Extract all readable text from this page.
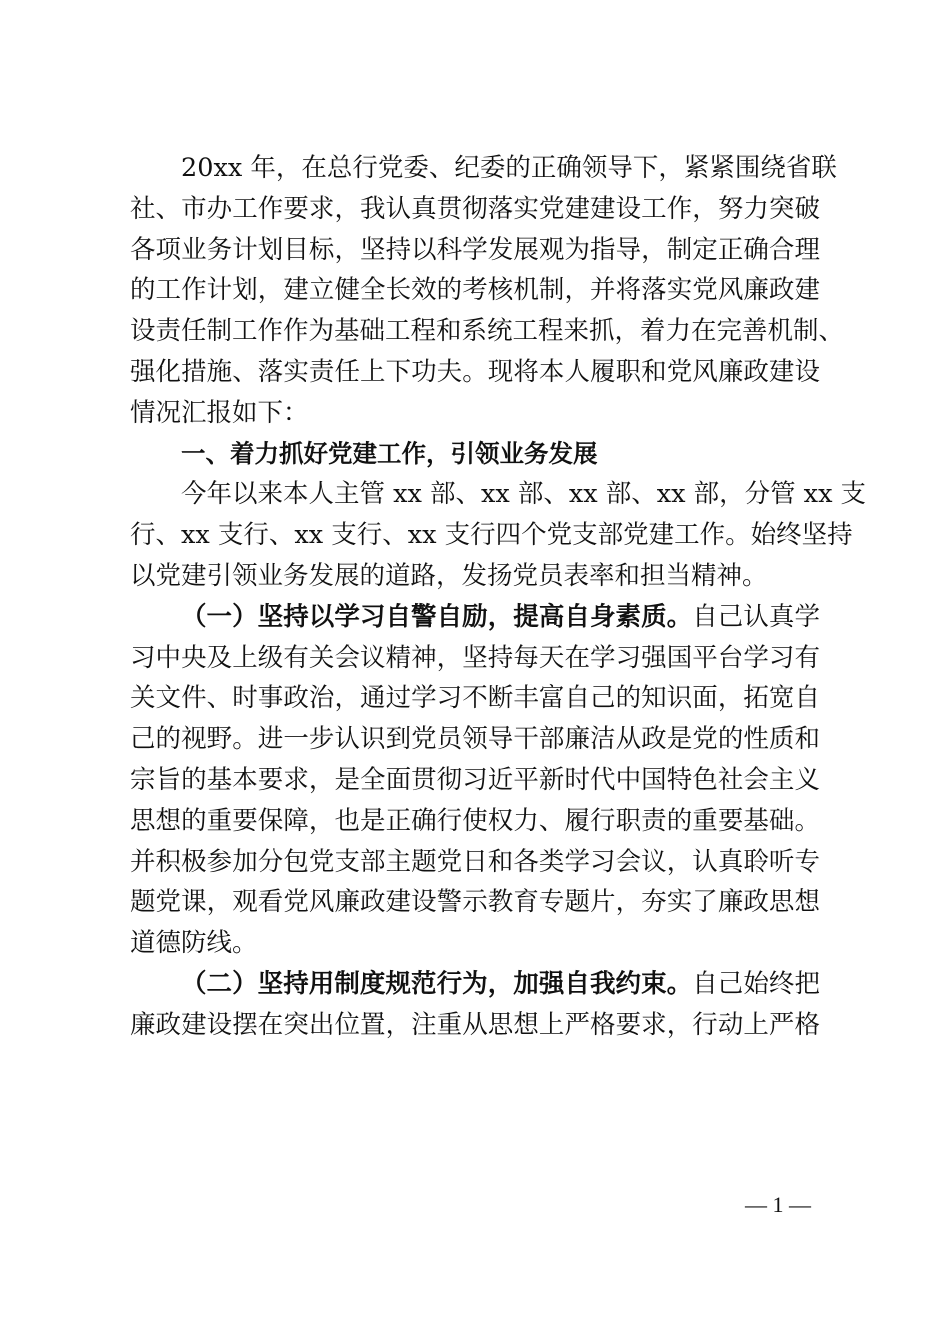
20xx 年，在总行党委、纪委的正确领导下，紧紧围绕省联
社、市办工作要求，我认真贯彻落实党建建设工作，努力突破
各项业务计划目标，坚持以科学发展观为指导，制定正确合理
的工作计划，建立健全长效的考核机制，并将落实党风廉政建
设责任制工作作为基础工程和系统工程来抓，着力在完善机制、
强化措施、落实责任上下功夫。现将本人履职和党风廉政建设
情况汇报如下：
一、着力抓好党建工作，引领业务发展
今年以来本人主管 xx 部、xx 部、xx 部、xx 部，分管 xx 支
行、xx 支行、xx 支行、xx 支行四个党支部党建工作。始终坚持
以党建引领业务发展的道路，发扬党员表率和担当精神。
（一）坚持以学习自警自励，提高自身素质。自己认真学
习中央及上级有关会议精神，坚持每天在学习强国平台学习有
关文件、时事政治，通过学习不断丰富自己的知识面，拓宽自
己的视野。进一步认识到党员领导干部廉洁从政是党的性质和
宗旨的基本要求，是全面贯彻习近平新时代中国特色社会主义
思想的重要保障，也是正确行使权力、履行职责的重要基础。
并积极参加分包党支部主题党日和各类学习会议，认真聆听专
题党课，观看党风廉政建设警示教育专题片，夯实了廉政思想
道德防线。
（二）坚持用制度规范行为，加强自我约束。自己始终把
廉政建设摆在突出位置，注重从思想上严格要求，行动上严格
— 1 —
